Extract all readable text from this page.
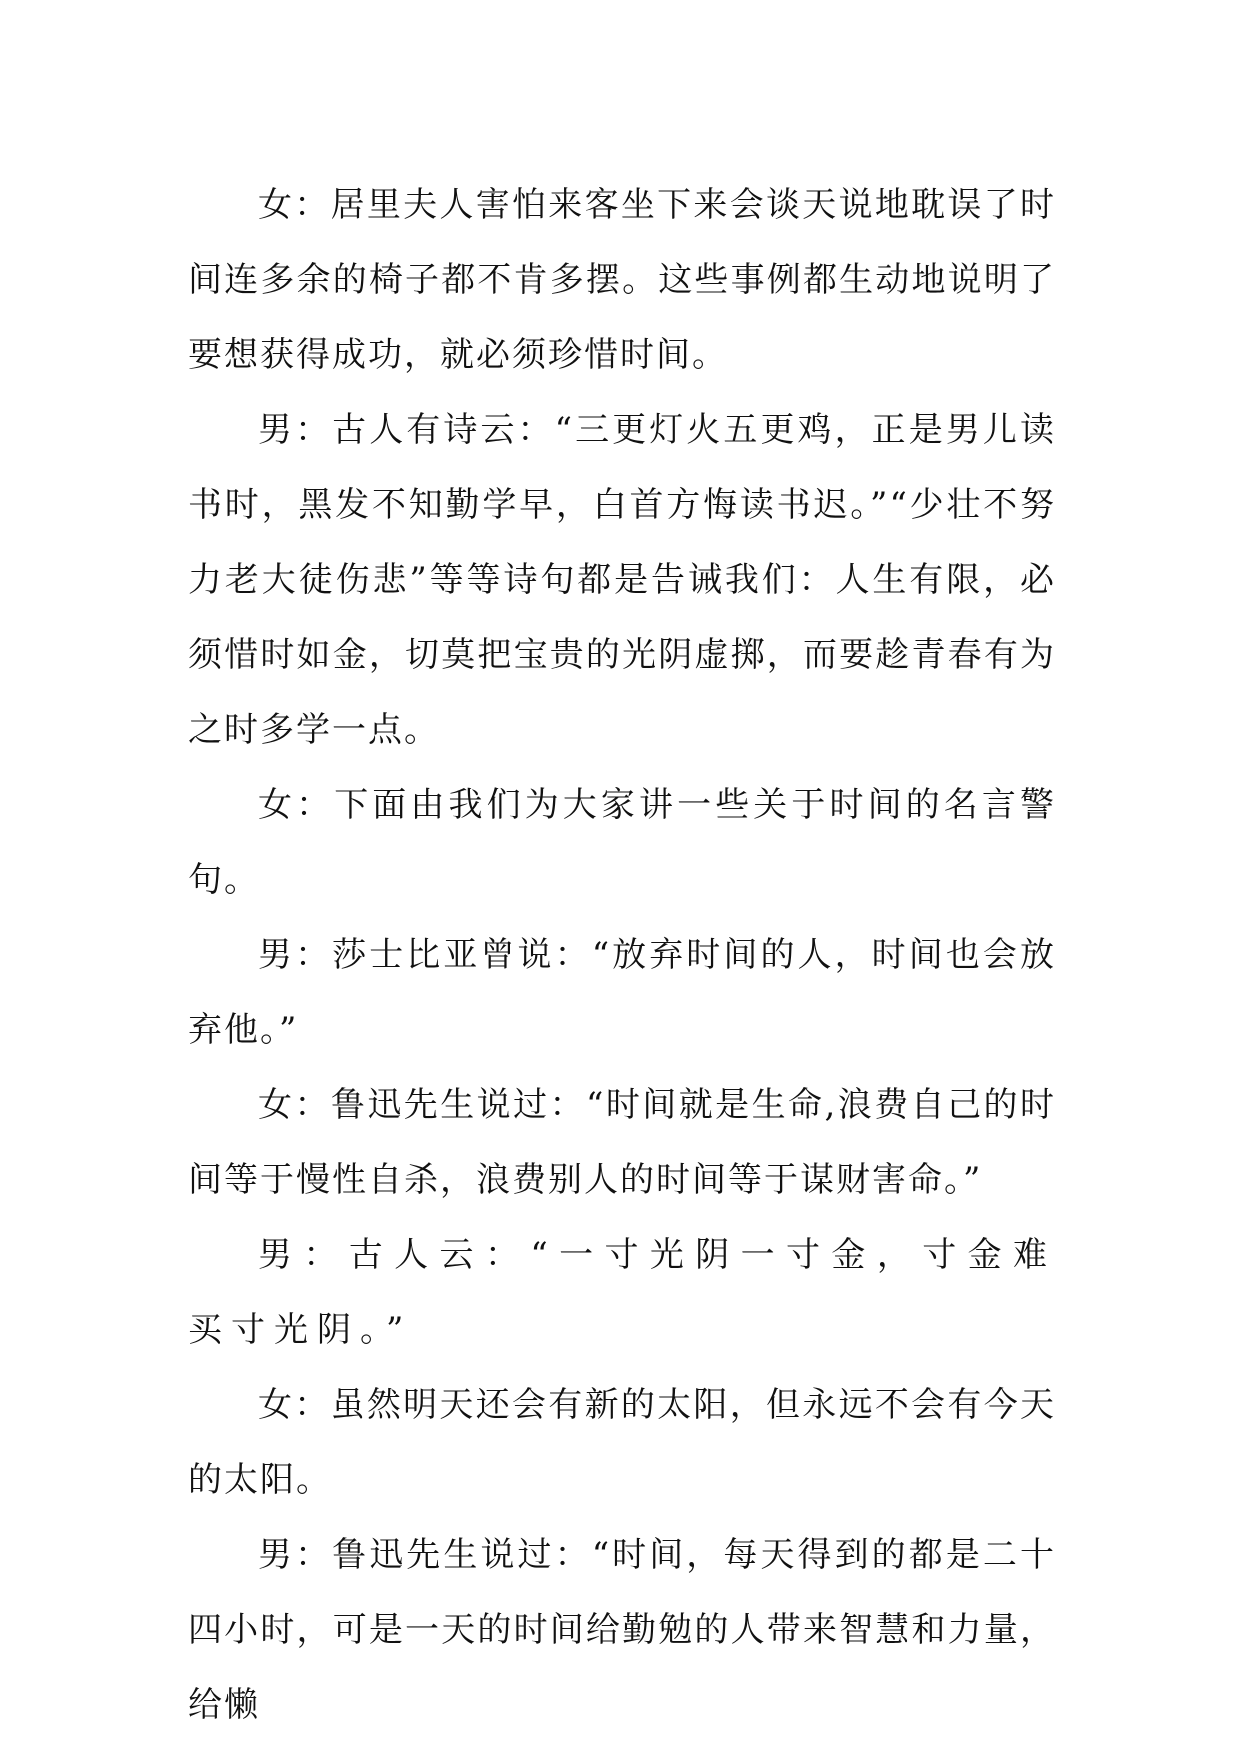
女：居里夫人害怕来客坐下来会谈天说地耽误了时间连多余的椅子都不肯多摆。这些事例都生动地说明了要想获得成功，就必须珍惜时间。

男：古人有诗云：“三更灯火五更鸡，正是男儿读书时，黑发不知勤学早，白首方悔读书迟。”“少壮不努力老大徒伤悲”等等诗句都是告诫我们：人生有限，必须惜时如金，切莫把宝贵的光阴虚掷，而要趁青春有为之时多学一点。

女：下面由我们为大家讲一些关于时间的名言警句。

男：莎士比亚曾说：“放弃时间的人，时间也会放弃他。”

女：鲁迅先生说过：“时间就是生命,浪费自己的时间等于慢性自杀，浪费别人的时间等于谋财害命。”

男：古人云：“一寸光阴一寸金，寸金难买寸光阴。”

女：虽然明天还会有新的太阳，但永远不会有今天的太阳。

男：鲁迅先生说过：“时间，每天得到的都是二十四小时，可是一天的时间给勤勉的人带来智慧和力量，给懒
